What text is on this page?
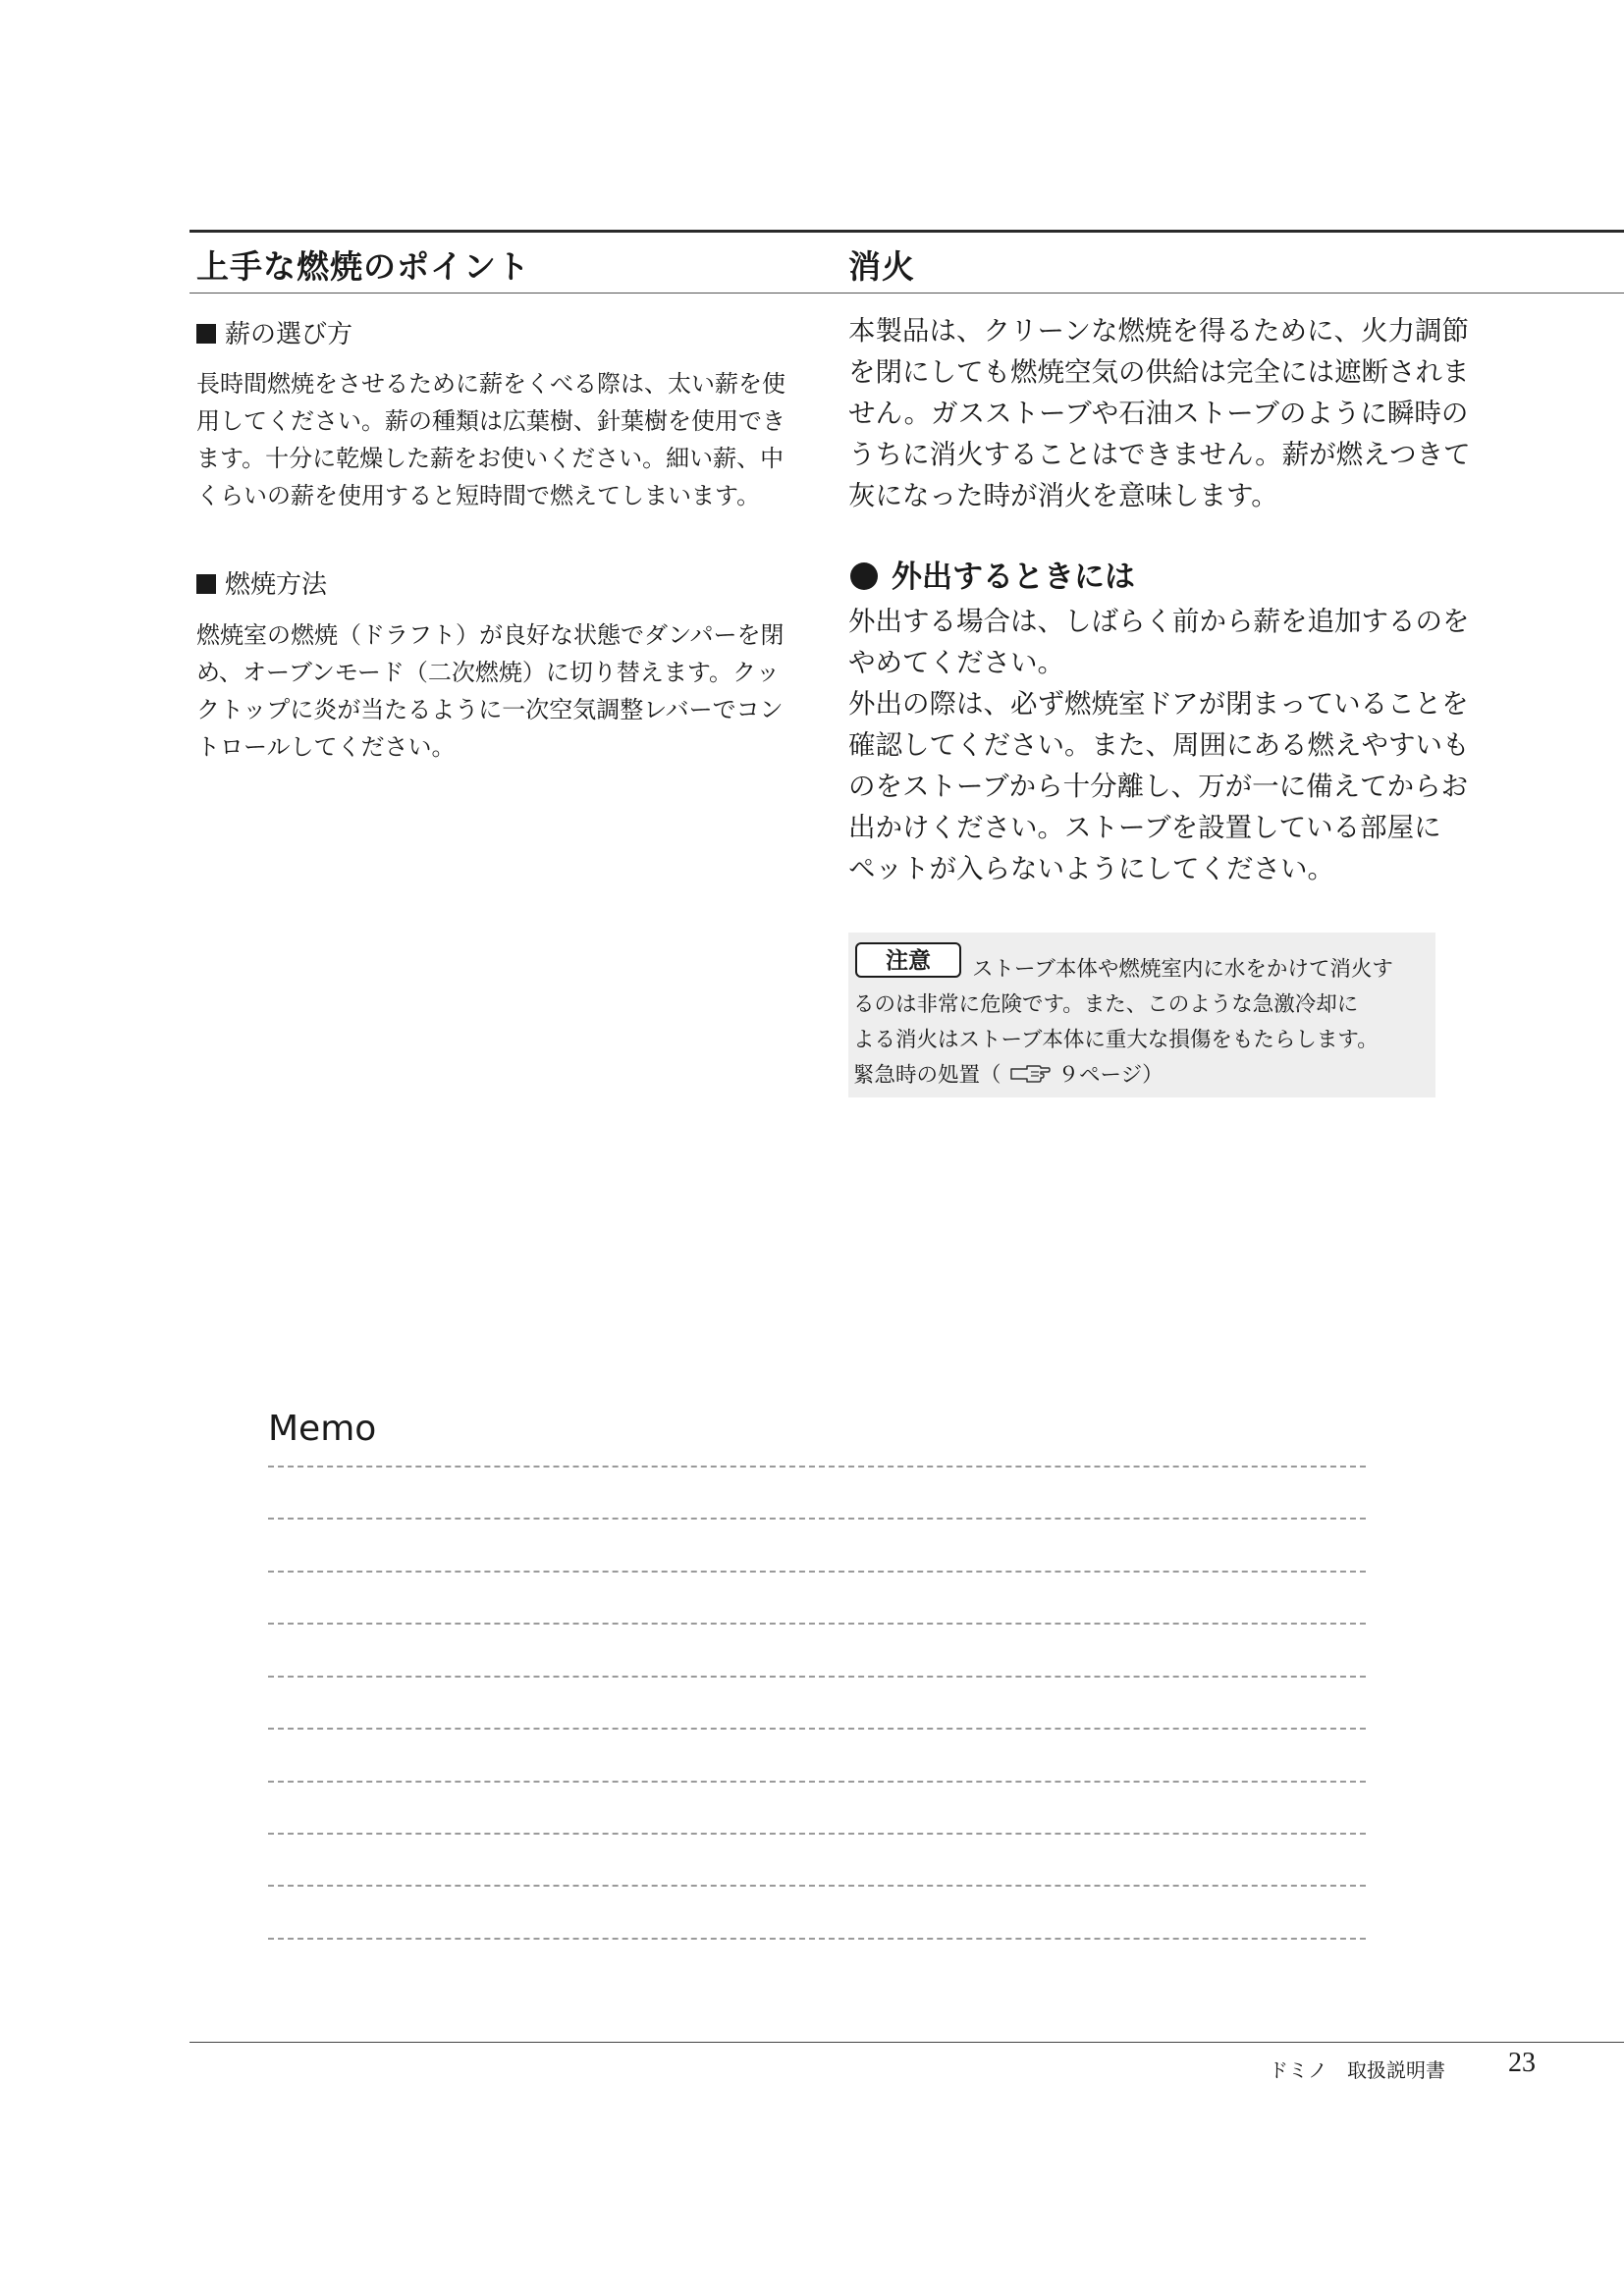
上手な燃焼のポイント
薪の選び方
長時間燃焼をさせるために薪をくべる際は、太い薪を使
用してください。薪の種類は広葉樹、針葉樹を使用でき
ます。十分に乾燥した薪をお使いください。細い薪、中
くらいの薪を使用すると短時間で燃えてしまいます。
燃焼方法
燃焼室の燃焼（ドラフト）が良好な状態でダンパーを閉
め、オーブンモード（二次燃焼）に切り替えます。クッ
クトップに炎が当たるように一次空気調整レバーでコン
トロールしてください。
消火

本製品は、クリーンな燃焼を得るために、火力調節

を閉にしても燃焼空気の供給は完全には遮断されま

せん。ガスストーブや石油ストーブのように瞬時の

うちに消火することはできません。薪が燃えつきて

灰になった時が消火を意味します。

外出するときには

外出する場合は、しばらく前から薪を追加するのを

やめてください。

外出の際は、必ず燃焼室ドアが閉まっていることを

確認してください。また、周囲にある燃えやすいも

のをストーブから十分離し、万が一に備えてからお

出かけください。ストーブを設置している部屋に

ペットが入らないようにしてください。

注意	ストーブ本体や燃焼室内に水をかけて消火す
るのは非常に危険です。また、このような急激冷却に
よる消火はストーブ本体に重大な損傷をもたらします。
緊急時の処置（	９ページ）
Memo
ドミノ　取扱説明書 23
